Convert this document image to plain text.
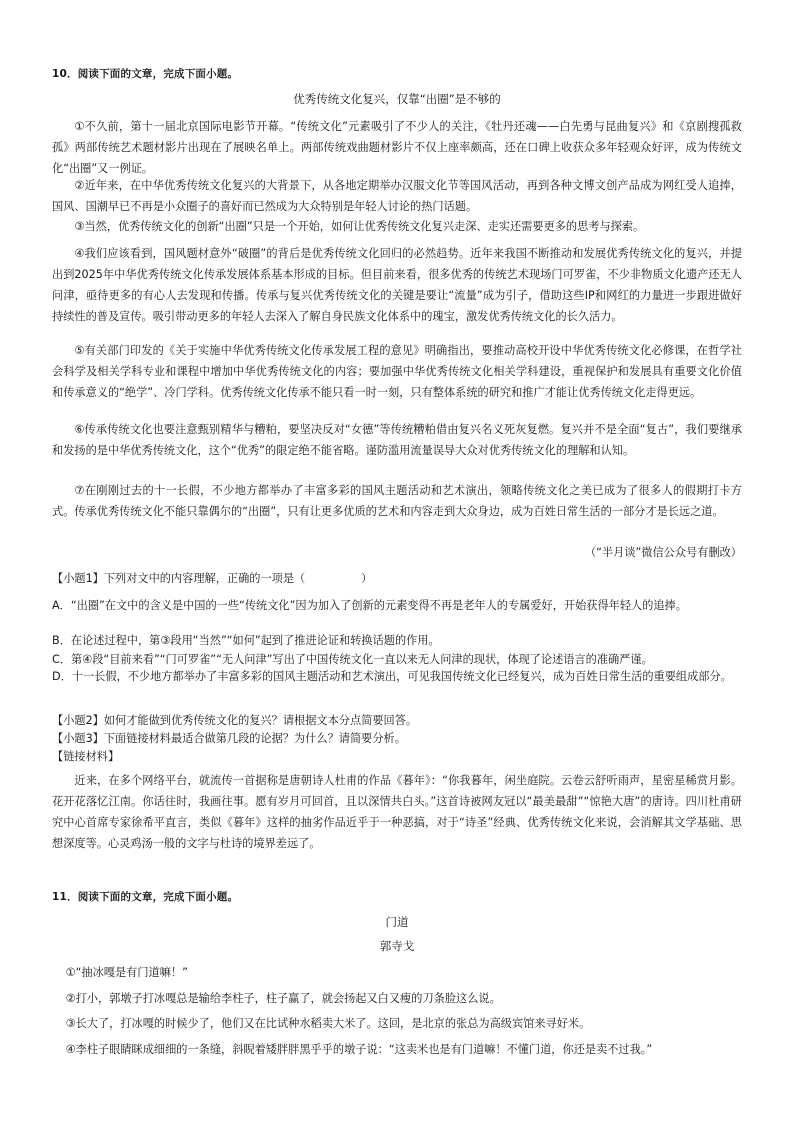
10．阅读下面的文章，完成下面小题。
优秀传统文化复兴，仅靠“出圈”是不够的

①不久前，第十一届北京国际电影节开幕。“传统文化”元素吸引了不少人的关注，《牡丹还魂——白先勇与昆曲复兴》和《京剧搜孤救孤》两部传统艺术题材影片出现在了展映名单上。两部传统戏曲题材影片不仅上座率颇高，还在口碑上收获众多年轻观众好评，成为传统文化“出圈”又一例证。

②近年来，在中华优秀传统文化复兴的大背景下，从各地定期举办汉服文化节等国风活动，再到各种文博文创产品成为网红受人追捧，国风、国潮早已不再是小众圈子的喜好而已然成为大众特别是年轻人讨论的热门话题。

③当然，优秀传统文化的创新“出圈”只是一个开始，如何让优秀传统文化复兴走深、走实还需要更多的思考与探索。

④我们应该看到，国风题材意外“破圈”的背后是优秀传统文化回归的必然趋势。近年来我国不断推动和发展优秀传统文化的复兴，并提出到2025年中华优秀传统文化传承发展体系基本形成的目标。但目前来看，很多优秀的传统艺术现场门可罗雀，不少非物质文化遗产还无人问津，亟待更多的有心人去发现和传播。传承与复兴优秀传统文化的关键是要让“流量”成为引子，借助这些IP和网红的力量进一步跟进做好持续性的普及宣传。吸引带动更多的年轻人去深入了解自身民族文化体系中的瑰宝，激发优秀传统文化的长久活力。

⑤有关部门印发的《关于实施中华优秀传统文化传承发展工程的意见》明确指出，要推动高校开设中华优秀传统文化必修课，在哲学社会科学及相关学科专业和课程中增加中华优秀传统文化的内容；要加强中华优秀传统文化相关学科建设，重视保护和发展具有重要文化价值和传承意义的“绝学”、冷门学科。优秀传统文化传承不能只看一时一刻，只有整体系统的研究和推广才能让优秀传统文化走得更远。

⑥传承传统文化也要注意甄别精华与糟粕，要坚决反对“女德”等传统糟粕借由复兴名义死灰复燃。复兴并不是全面“复古”，我们要继承和发扬的是中华优秀传统文化，这个“优秀”的限定绝不能省略。谨防滥用流量误导大众对优秀传统文化的理解和认知。

⑦在刚刚过去的十一长假，不少地方都举办了丰富多彩的国风主题活动和艺术演出，领略传统文化之美已成为了很多人的假期打卡方式。传承优秀传统文化不能只靠偶尔的“出圈”，只有让更多优质的艺术和内容走到大众身边，成为百姓日常生活的一部分才是长远之道。

（“半月谈”微信公众号有删改）

【小题1】下列对文中的内容理解，正确的一项是（　　　　　）

A．“出圈”在文中的含义是中国的一些“传统文化”因为加入了创新的元素变得不再是老年人的专属爱好，开始获得年轻人的追捧。

B．在论述过程中，第③段用“当然”“如何”起到了推进论证和转换话题的作用。

C．第④段“目前来看”“门可罗雀”“无人问津”写出了中国传统文化一直以来无人问津的现状，体现了论述语言的准确严谨。

D．十一长假，不少地方都举办了丰富多彩的国风主题活动和艺术演出，可见我国传统文化已经复兴，成为百姓日常生活的重要组成部分。

【小题2】如何才能做到优秀传统文化的复兴？请根据文本分点简要回答。

【小题3】下面链接材料最适合做第几段的论据？为什么？请简要分析。

【链接材料】

近来，在多个网络平台，就流传一首据称是唐朝诗人杜甫的作品《暮年》：“你我暮年，闲坐庭院。云卷云舒听雨声，星密星稀赏月影。花开花落忆江南。你话往时，我画往事。愿有岁月可回首，且以深情共白头。”这首诗被网友冠以“最美最甜”“惊艳大唐”的唐诗。四川杜甫研究中心首席专家徐希平直言，类似《暮年》这样的抽劣作品近乎于一种恶搞，对于“诗圣”经典、优秀传统文化来说，会消解其文学基础、思想深度等。心灵鸡汤一般的文字与杜诗的境界差远了。

11．阅读下面的文章，完成下面小题。
门道
郭寺戈

①“抽冰嘎是有门道嘛！”

②打小，郭墩子打冰嘎总是输给李柱子，柱子赢了，就会扬起又白又瘦的刀条脸这么说。

③长大了，打冰嘎的时候少了，他们又在比试种水稻卖大米了。这回，是北京的张总为高级宾馆来寻好米。

④李柱子眼睛眯成细细的一条缝，斜睨着矮胖胖黑乎乎的墩子说：“这卖米也是有门道嘛！不懂门道，你还是卖不过我。”
